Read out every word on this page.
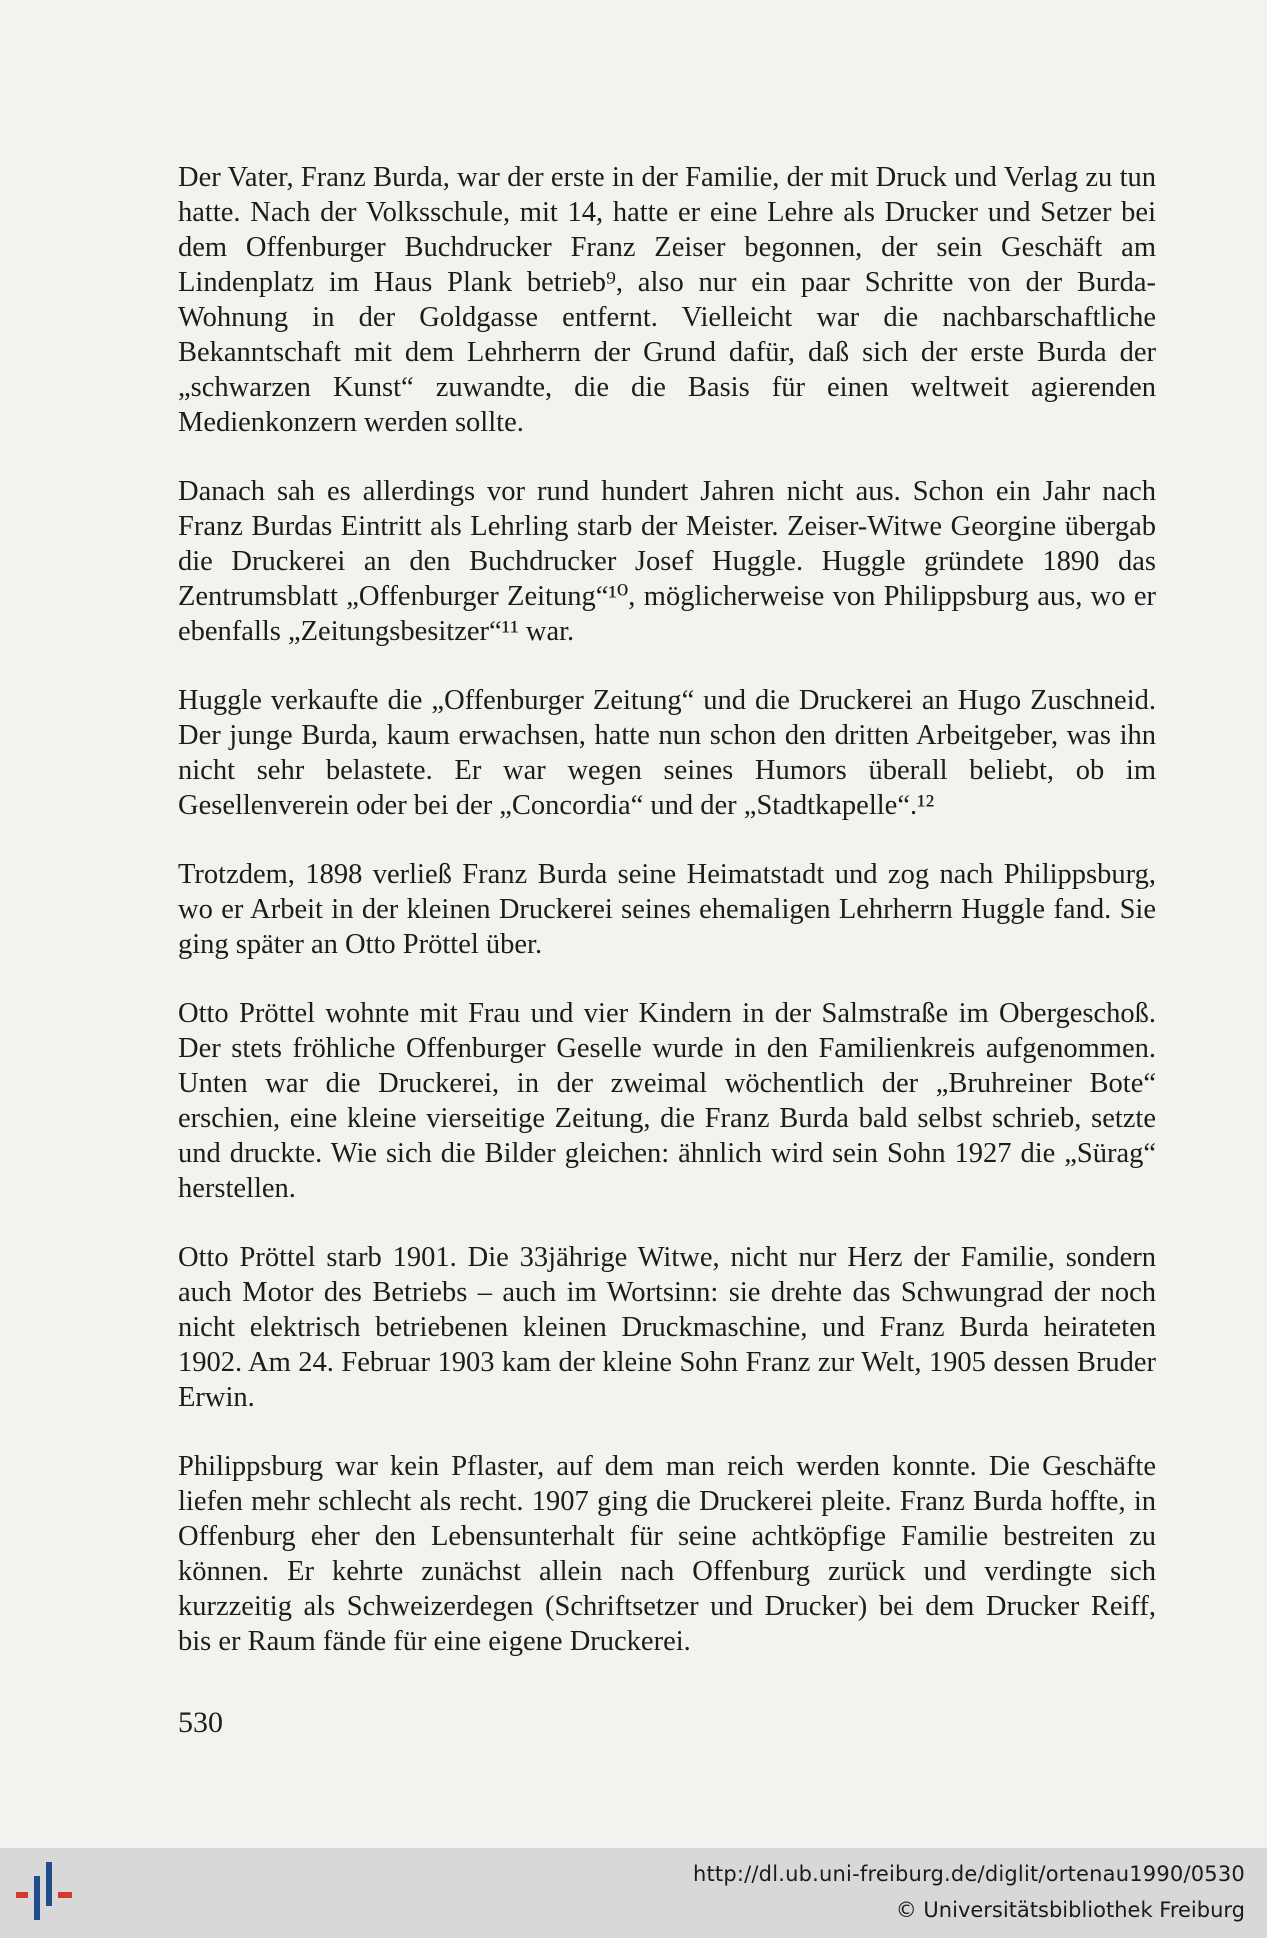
Der Vater, Franz Burda, war der erste in der Familie, der mit Druck und Verlag zu tun hatte. Nach der Volksschule, mit 14, hatte er eine Lehre als Drucker und Setzer bei dem Offenburger Buchdrucker Franz Zeiser begonnen, der sein Geschäft am Lindenplatz im Haus Plank betrieb⁹, also nur ein paar Schritte von der Burda-Wohnung in der Goldgasse entfernt. Vielleicht war die nachbarschaftliche Bekanntschaft mit dem Lehrherrn der Grund dafür, daß sich der erste Burda der „schwarzen Kunst“ zuwandte, die die Basis für einen weltweit agierenden Medienkonzern werden sollte.

Danach sah es allerdings vor rund hundert Jahren nicht aus. Schon ein Jahr nach Franz Burdas Eintritt als Lehrling starb der Meister. Zeiser-Witwe Georgine übergab die Druckerei an den Buchdrucker Josef Huggle. Huggle gründete 1890 das Zentrumsblatt „Offenburger Zeitung“¹⁰, möglicherweise von Philippsburg aus, wo er ebenfalls „Zeitungsbesitzer“¹¹ war.

Huggle verkaufte die „Offenburger Zeitung“ und die Druckerei an Hugo Zuschneid. Der junge Burda, kaum erwachsen, hatte nun schon den dritten Arbeitgeber, was ihn nicht sehr belastete. Er war wegen seines Humors überall beliebt, ob im Gesellenverein oder bei der „Concordia“ und der „Stadtkapelle“.¹²

Trotzdem, 1898 verließ Franz Burda seine Heimatstadt und zog nach Philippsburg, wo er Arbeit in der kleinen Druckerei seines ehemaligen Lehrherrn Huggle fand. Sie ging später an Otto Pröttel über.

Otto Pröttel wohnte mit Frau und vier Kindern in der Salmstraße im Obergeschoß. Der stets fröhliche Offenburger Geselle wurde in den Familienkreis aufgenommen. Unten war die Druckerei, in der zweimal wöchentlich der „Bruhreiner Bote“ erschien, eine kleine vierseitige Zeitung, die Franz Burda bald selbst schrieb, setzte und druckte. Wie sich die Bilder gleichen: ähnlich wird sein Sohn 1927 die „Sürag“ herstellen.

Otto Pröttel starb 1901. Die 33jährige Witwe, nicht nur Herz der Familie, sondern auch Motor des Betriebs – auch im Wortsinn: sie drehte das Schwungrad der noch nicht elektrisch betriebenen kleinen Druckmaschine, und Franz Burda heirateten 1902. Am 24. Februar 1903 kam der kleine Sohn Franz zur Welt, 1905 dessen Bruder Erwin.

Philippsburg war kein Pflaster, auf dem man reich werden konnte. Die Geschäfte liefen mehr schlecht als recht. 1907 ging die Druckerei pleite. Franz Burda hoffte, in Offenburg eher den Lebensunterhalt für seine achtköpfige Familie bestreiten zu können. Er kehrte zunächst allein nach Offenburg zurück und verdingte sich kurzzeitig als Schweizerdegen (Schriftsetzer und Drucker) bei dem Drucker Reiff, bis er Raum fände für eine eigene Druckerei.

530
http://dl.ub.uni-freiburg.de/diglit/ortenau1990/0530
© Universitätsbibliothek Freiburg
